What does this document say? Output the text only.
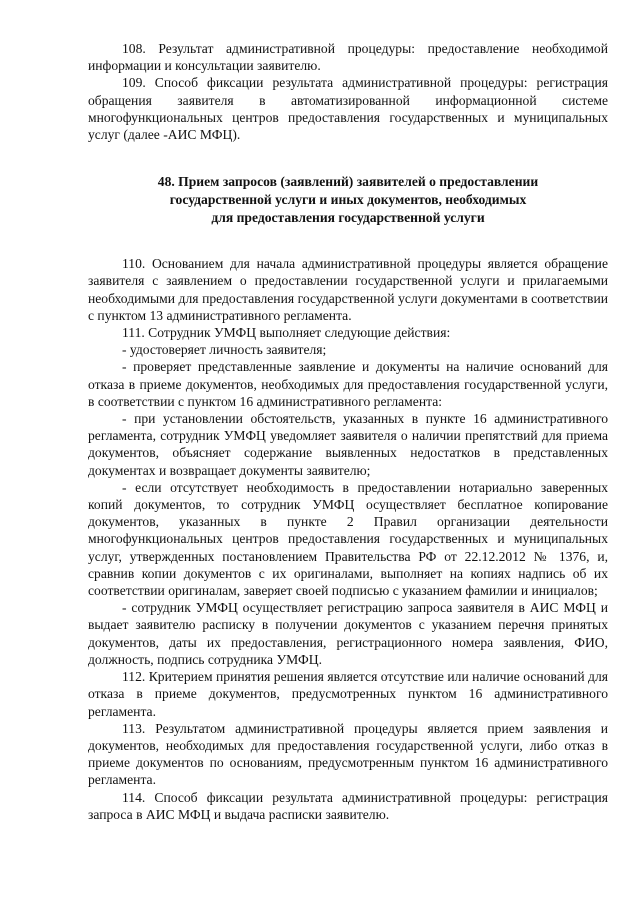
108. Результат административной процедуры: предоставление необходимой информации и консультации заявителю.

109. Способ фиксации результата административной процедуры: регистрация обращения заявителя в автоматизированной информационной системе многофункциональных центров предоставления государственных и муниципальных услуг (далее -АИС МФЦ).

48. Прием запросов (заявлений) заявителей о предоставлении
государственной услуги и иных документов, необходимых
для предоставления государственной услуги

110. Основанием для начала административной процедуры является обращение заявителя с заявлением о предоставлении государственной услуги и прилагаемыми необходимыми для предоставления государственной услуги документами в соответствии с пунктом 13 административного регламента.

111. Сотрудник УМФЦ выполняет следующие действия:

- удостоверяет личность заявителя;

- проверяет представленные заявление и документы на наличие оснований для отказа в приеме документов, необходимых для предоставления государственной услуги, в соответствии с пунктом 16 административного регламента:

- при установлении обстоятельств, указанных в пункте 16 административного регламента, сотрудник УМФЦ уведомляет заявителя о наличии препятствий для приема документов, объясняет содержание выявленных недостатков в представленных документах и возвращает документы заявителю;

- если отсутствует необходимость в предоставлении нотариально заверенных копий документов, то сотрудник УМФЦ осуществляет бесплатное копирование документов, указанных в пункте 2 Правил организации деятельности многофункциональных центров предоставления государственных и муниципальных услуг, утвержденных постановлением Правительства РФ от 22.12.2012 № 1376, и, сравнив копии документов с их оригиналами, выполняет на копиях надпись об их соответствии оригиналам, заверяет своей подписью с указанием фамилии и инициалов;

- сотрудник УМФЦ осуществляет регистрацию запроса заявителя в АИС МФЦ и выдает заявителю расписку в получении документов с указанием перечня принятых документов, даты их предоставления, регистрационного номера заявления, ФИО, должность, подпись сотрудника УМФЦ.

112. Критерием принятия решения является отсутствие или наличие оснований для отказа в приеме документов, предусмотренных пунктом 16 административного регламента.

113. Результатом административной процедуры является прием заявления и документов, необходимых для предоставления государственной услуги, либо отказ в приеме документов по основаниям, предусмотренным пунктом 16 административного регламента.

114. Способ фиксации результата административной процедуры: регистрация запроса в АИС МФЦ и выдача расписки заявителю.
